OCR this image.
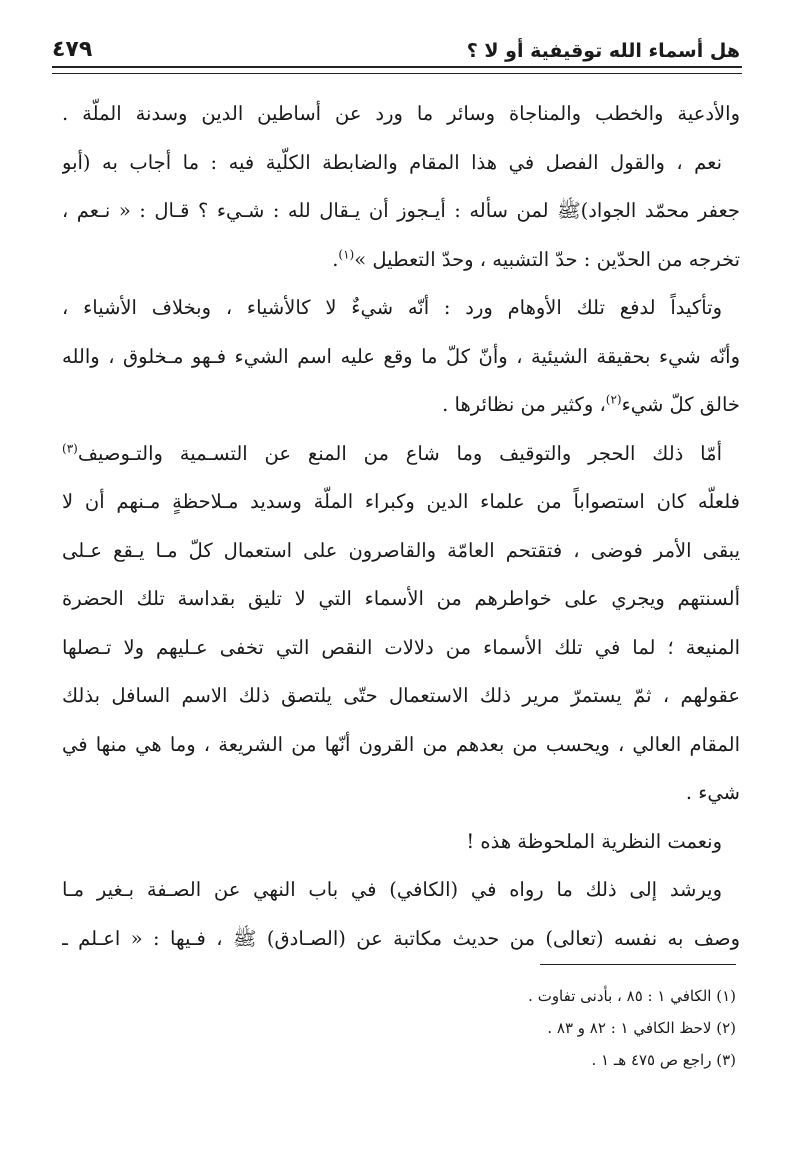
هل أسماء الله توقيفية أو لا ؟
٤٧٩
والأدعية والخطب والمناجاة وسائر ما ورد عن أساطين الدين وسدنة الملّة .
نعم ، والقول الفصل في هذا المقام والضابطة الكلّية فيه : ما أجاب به (أبو
جعفر محمّد الجواد)ﷺ لمن سأله : أيـجوز أن يـقال لله : شـيء ؟ قـال : « نـعم ،
تخرجه من الحدّين : حدّ التشبيه ، وحدّ التعطيل »$^{(١)}$.
وتأكيداً لدفع تلك الأوهام ورد : أنّه شيءٌ لا كالأشياء ، وبخلاف الأشياء ،
وأنّه شيء بحقيقة الشيئية ، وأنّ كلّ ما وقع عليه اسم الشيء فـهو مـخلوق ، والله
خالق كلّ شيء$^{(٢)}$، وكثير من نظائرها .
أمّا ذلك الحجر والتوقيف وما شاع من المنع عن التسـمية والتـوصيف$^{(٣)}$
فلعلّه كان استصواباً من علماء الدين وكبراء الملّة وسديد مـلاحظةٍ مـنهم أن لا
يبقى الأمر فوضى ، فتقتحم العامّة والقاصرون على استعمال كلّ مـا يـقع عـلى
ألسنتهم ويجري على خواطرهم من الأسماء التي لا تليق بقداسة تلك الحضرة
المنيعة ؛ لما في تلك الأسماء من دلالات النقص التي تخفى عـليهم ولا تـصلها
عقولهم ، ثمّ يستمرّ مرير ذلك الاستعمال حتّى يلتصق ذلك الاسم السافل بذلك
المقام العالي ، ويحسب من بعدهم من القرون أنّها من الشريعة ، وما هي منها في
شيء .
ونعمت النظرية الملحوظة هذه !
ويرشد إلى ذلك ما رواه في (الكافي) في باب النهي عن الصـفة بـغير مـا
وصف به نفسه (تعالى) من حديث مكاتبة عن (الصـادق) ﷺ ، فـيها : « اعـلم ـ
(١) الكافي ١ : ٨٥ ، بأدنى تفاوت .
(٢) لاحظ الكافي ١ : ٨٢ و ٨٣ .
(٣) راجع ص ٤٧٥ هـ ١ .
